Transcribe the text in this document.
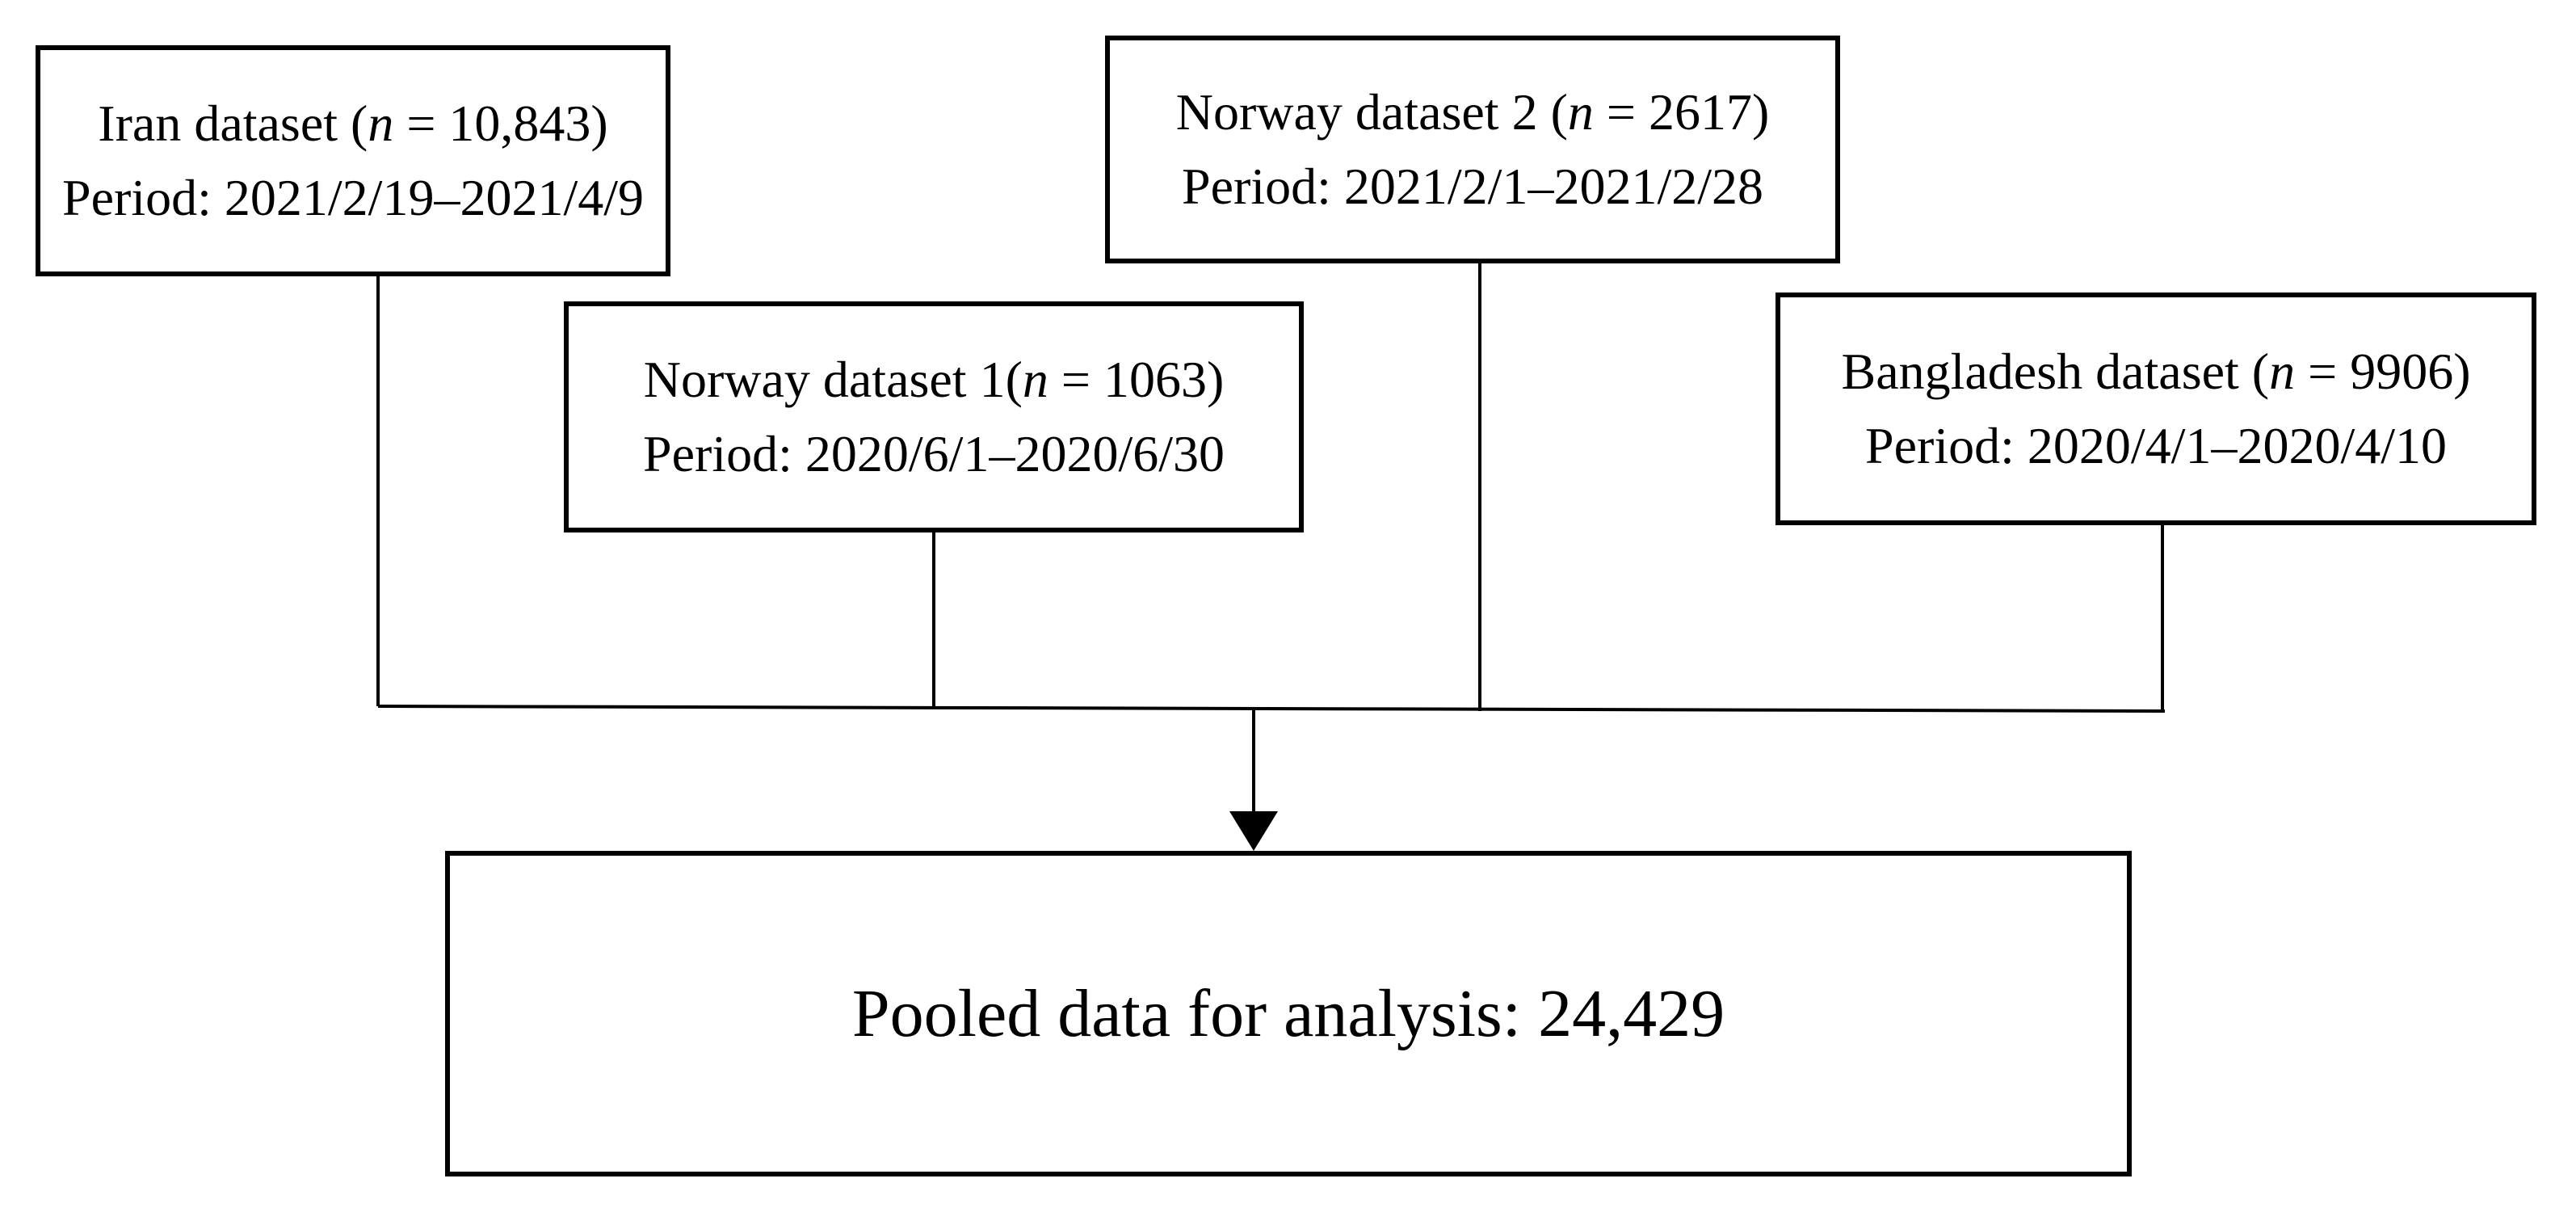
Iran dataset (n = 10,843)
Period: 2021/2/19–2021/4/9
Norway dataset 1(n = 1063)
Period: 2020/6/1–2020/6/30
Norway dataset 2 (n = 2617)
Period: 2021/2/1–2021/2/28
Bangladesh dataset (n = 9906)
Period: 2020/4/1–2020/4/10
Pooled data for analysis: 24,429
